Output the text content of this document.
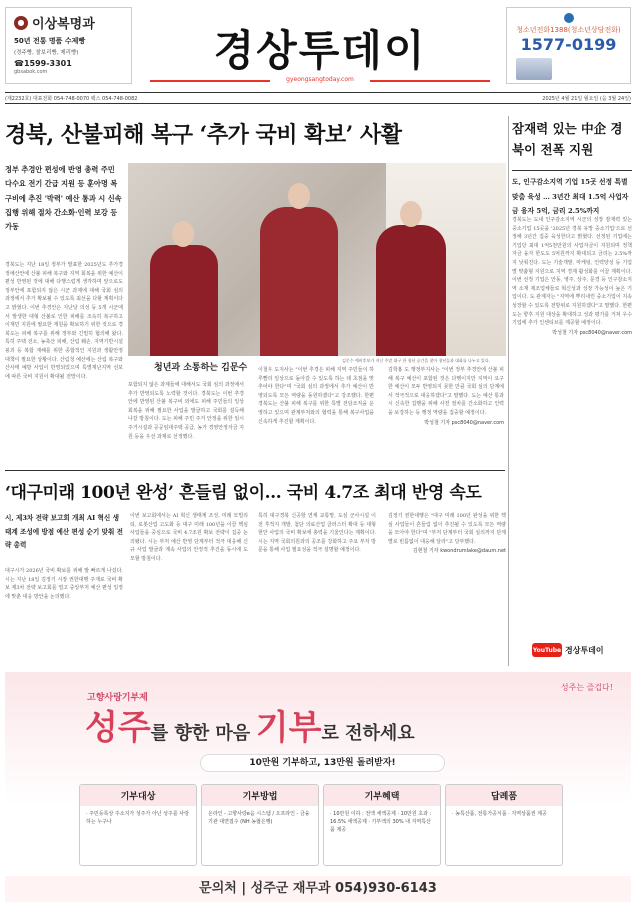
● 이상복명과
50년 전통 명품 수제빵
(경주빵, 찰보리빵, 제리빵)
☎1599-3301
gbsabok.com	경상투데이
gyeongsangtoday.com
청소년전화1388(청소년상담전화)
1577-0199
(제2232호) 대표전화 054-748-0070 팩스 054-748-0082	2025년 4월 21일 월요일 (음 3월 24일)
경북, 산불피해 복구 ‘추가 국비 확보’ 사활
정부 추경안 편성에 반영 총력 주민 다수요 전기 간급 지원 등 훈아명 복구비에 추진 '박력' 예산 통과 시 신속 집행 위해 절차 간소화·인력 보강 등 가동
경북도는 지난 18일 정부가 발표한 2025년도 추가경정예산안에 산불 피해 복구와 지역 회복을 위한 예산이 편성 반영된 것에 대해 다행스럽게 생각하며 앞으로도 정부안에 포함되지 않은 시군 과제에 대해 국회 심의 과정에서 추가 확보될 수 있도록 최선을 다할 계획이다고 밝혔다. 이번 추경안은 지난달 의성 등 5개 시군에서 발생한 대형 산불로 인한 피해를 조속히 복구하고 이재민 지원에 필요한 재원을 확보하기 위한 것으로 경북도는 피해 복구를 위해 정부와 긴밀히 협의해 왔다. 특히 주택 전소, 농축산 피해, 산림 훼손, 지역기반시설 붕괴 등 복합 재해를 위한 종합적인 지원과 생활안정 대책이 필요한 상황이다. 산림청 예산에는 산림 복구와 산사태 예방 사업이 반영되었으며 특별재난지역 선포에 따른 국비 지원이 확대될 전망이다.
청년과 소통하는 김문수
김문수 예비후보가 지난 주말 대구 한 청년 공간을 찾아 청년들과 대화를 나누고 있다.
포함되지 않은 과제들에 대해서도 국회 심의 과정에서 추가 반영되도록 노력할 것이다. 경북도는 이번 추경안에 반영된 산불 복구비 외에도 피해 주민들의 일상 회복을 위해 필요한 사업을 발굴하고 국회를 설득해 나갈 방침이다. 도는 피해 주민 주거 안정을 위한 임시 주거시설과 공공임대주택 공급, 농가 경영안정자금 지원 등을 우선 과제로 선정했다.
이철우 도지사는 "이번 추경은 피해 지역 주민들이 하루빨리 일상으로 돌아갈 수 있도록 하는 데 초점을 맞추어야 한다"며 "국회 심의 과정에서 추가 예산이 반영되도록 모든 역량을 동원하겠다"고 강조했다. 한편 경북도는 산불 피해 복구를 위한 특별 전담조직을 운영하고 있으며 관계부처와의 협력을 통해 복구사업을 신속하게 추진할 계획이다.
김학홍 도 행정부지사는 "이번 정부 추경안에 산불 피해 복구 예산이 포함된 것은 다행이지만 지역이 요구한 예산이 모두 반영되지 못한 만큼 국회 심의 단계에서 적극적으로 대응하겠다"고 말했다. 도는 예산 통과 시 신속한 집행을 위해 사전 절차를 간소화하고 인력을 보강하는 등 행정 역량을 집중할 예정이다.
박성철 기자 psc8040@naver.com
잠재력 있는 中企 경북이 전폭 지원
도, 인구감소지역 기업 15곳 선정 특별 맞춤 육성 … 3년간 최대 1.5억 사업자금 융자 5억, 금리 2.5%까지
경북도는 도내 인구감소지역 시군의 성장 잠재력 있는 중소기업 15곳을 '2025년 경북 유망 중소기업'으로 선정해 3년간 집중 육성한다고 밝혔다. 선정된 기업에는 기업당 최대 1억5천만원의 사업자금이 지원되며 정책자금 융자 한도도 5억원까지 확대되고 금리는 2.5%까지 낮춰진다. 도는 기술개발, 마케팅, 인력양성 등 기업별 맞춤형 지원으로 지역 경제 활성화를 이끌 계획이다. 이번 선정 기업은 안동, 영주, 상주, 문경 등 인구감소지역 소재 제조업체들로 혁신성과 성장 가능성이 높은 기업이다. 도 관계자는 "지역에 뿌리내린 중소기업이 지속 성장할 수 있도록 전방위로 지원하겠다"고 말했다. 한편 도는 향후 지원 대상을 확대하고 성과 평가를 거쳐 우수 기업에 추가 인센티브를 제공할 예정이다.
박성철 기자 psc8040@naver.com
YouTube 경상투데이
‘대구미래 100년 완성’ 흔들림 없이… 국비 4.7조 최대 반영 속도
시, 제3차 전략 보고회 개최 AI 혁신 생태계 조성에 방점 예산 편성 순기 맞춰 전략 총력
대구시가 2026년 국비 확보를 위해 발 빠르게 나섰다. 시는 지난 18일 김정기 시장 권한대행 주재로 국비 확보 제3차 전략 보고회를 열고 중앙부처 예산 편성 일정에 맞춘 대응 방안을 논의했다.
이번 보고회에서는 AI 혁신 생태계 조성, 미래 모빌리티, 로봇산업 고도화 등 대구 미래 100년을 이끌 핵심 사업들을 중심으로 국비 4.7조원 확보 전략이 집중 논의됐다. 시는 부처 예산 반영 단계부터 적극 대응해 신규 사업 발굴과 계속 사업의 안정적 추진을 동시에 도모할 방침이다.
특히 대구경북 신공항 연계 교통망, 도심 군사시설 이전 후적지 개발, 첨단 의료산업 클러스터 확대 등 대형 현안 사업의 국비 확보에 총력을 기울인다는 계획이다. 시는 지역 국회의원과의 공조를 강화하고 주요 부처 방문을 통해 사업 필요성을 적극 설명할 예정이다.
김정기 권한대행은 "대구 미래 100년 완성을 위한 핵심 사업들이 흔들림 없이 추진될 수 있도록 모든 역량을 모아야 한다"며 "부처 단계부터 국회 심의까지 단계별로 빈틈없이 대응해 달라"고 당부했다.
김현철 기자 kwondrumlake@daum.net
성주는 즐겁다!
고향사랑기부제
성주를 향한 마음 기부로 전하세요
10만원 기부하고, 13만원 돌려받자!
기부대상
· 주민등록상 주소지가 성주가 아닌 성주를 사랑하는 누구나
기부방법
온라인 - 고향사랑e음 시스템 / 오프라인 - 금융기관 대면접수 (NH 농협은행)
기부혜택
· 10만원 이하 : 전액 세액공제 · 10만원 초과 : 16.5% 세액공제 · 기부액의 30% 내 지역특산품 제공
답례품
· 농특산품, 전통가공식품 · 지역상품권 제공
문의처 | 성주군 재무과 054)930-6143
